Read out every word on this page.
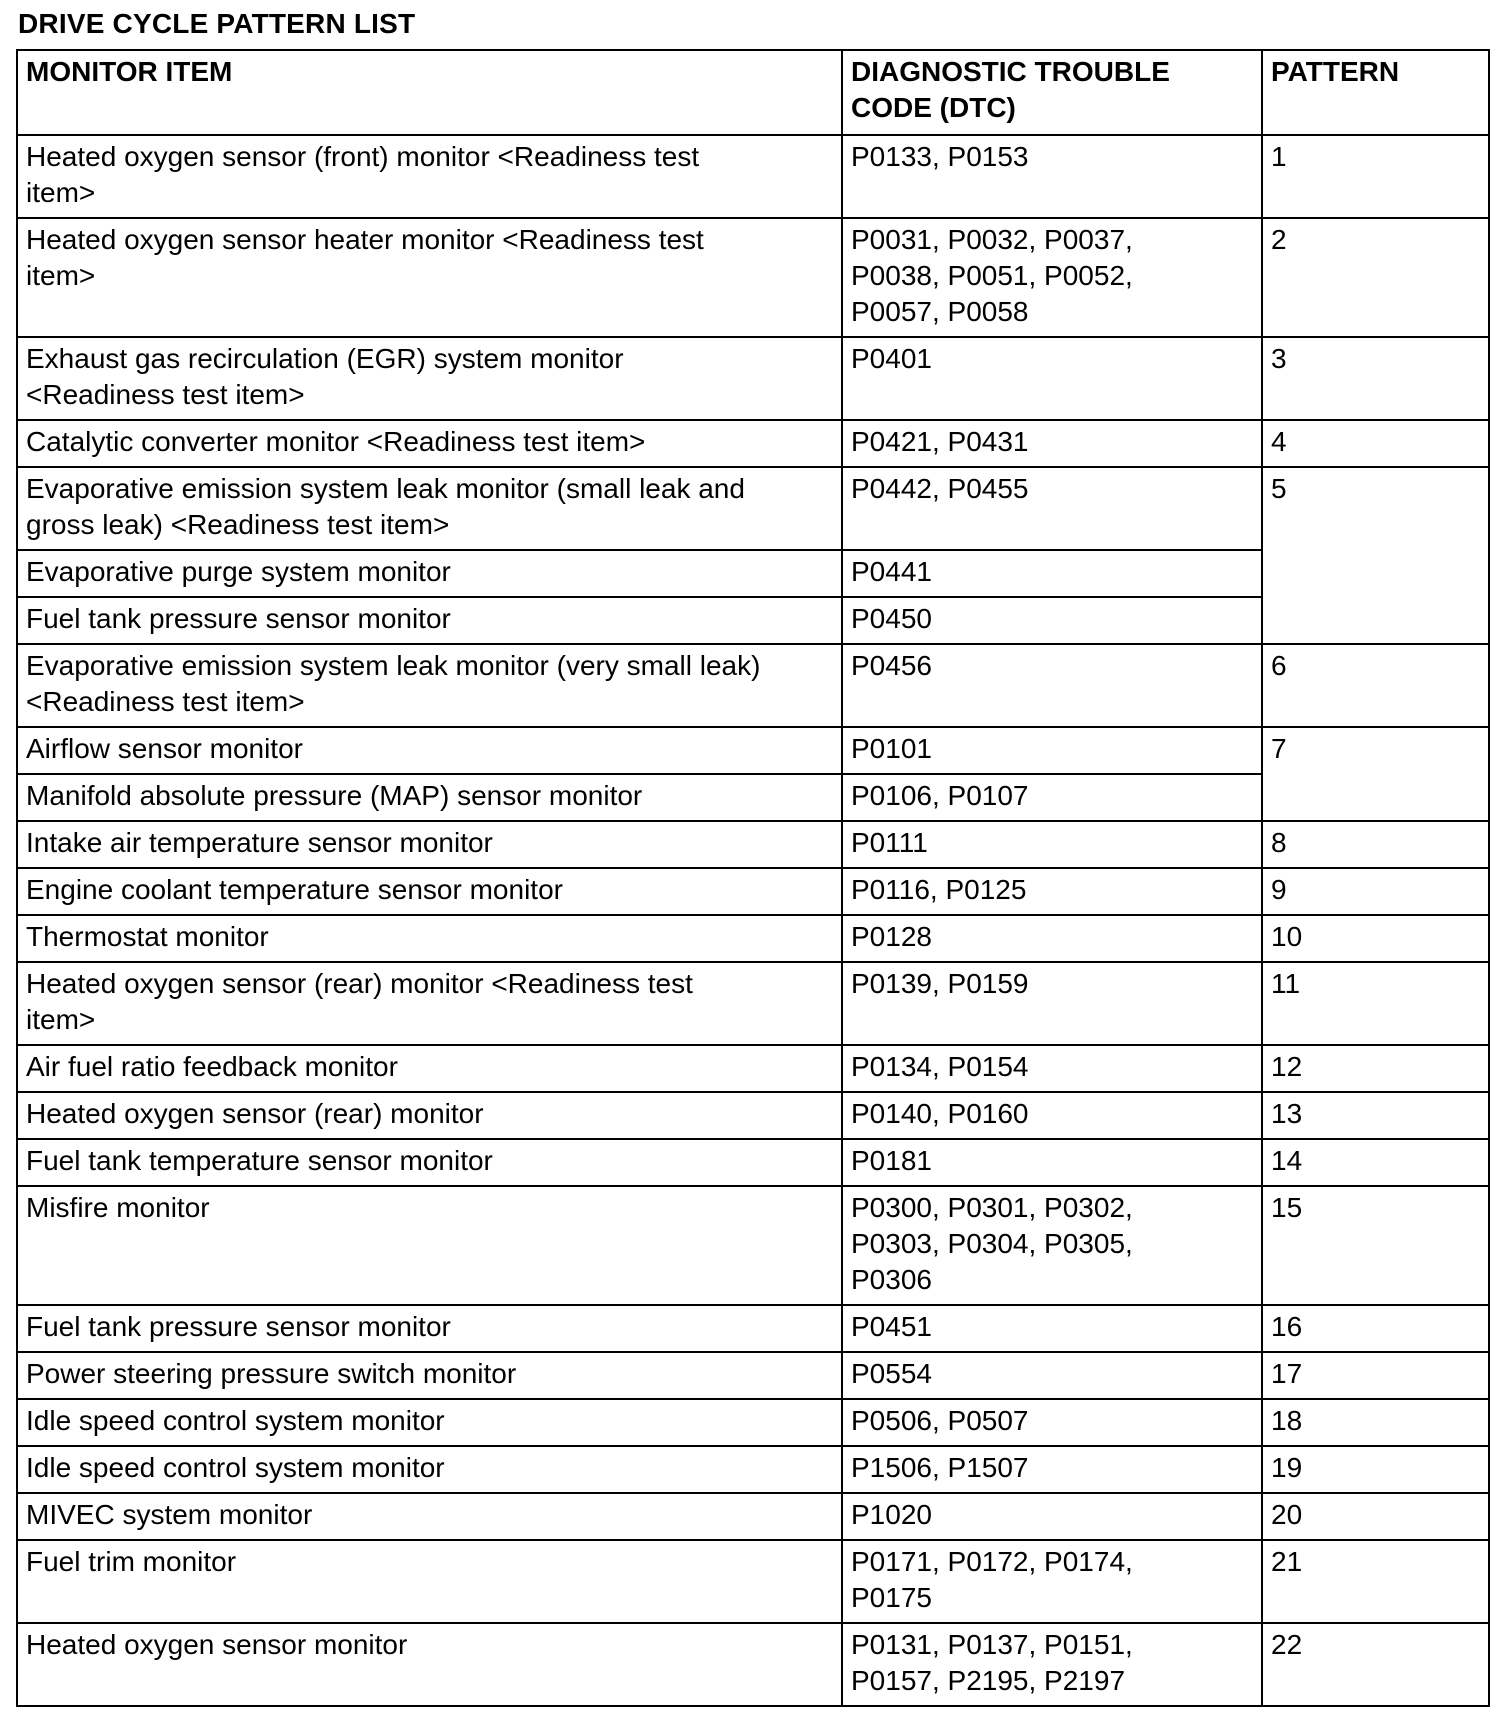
DRIVE CYCLE PATTERN LIST
MONITOR ITEM	DIAGNOSTIC TROUBLE
CODE (DTC)	PATTERN
Heated oxygen sensor (front) monitor <Readiness test
item>	P0133, P0153	1
Heated oxygen sensor heater monitor <Readiness test
item>	P0031, P0032, P0037,
P0038, P0051, P0052,
P0057, P0058	2
Exhaust gas recirculation (EGR) system monitor
<Readiness test item>	P0401	3
Catalytic converter monitor <Readiness test item>	P0421, P0431	4
Evaporative emission system leak monitor (small leak and
gross leak) <Readiness test item>	P0442, P0455	5
Evaporative purge system monitor	P0441	
Fuel tank pressure sensor monitor	P0450	
Evaporative emission system leak monitor (very small leak)
<Readiness test item>	P0456	6
Airflow sensor monitor	P0101	7
Manifold absolute pressure (MAP) sensor monitor	P0106, P0107	
Intake air temperature sensor monitor	P0111	8
Engine coolant temperature sensor monitor	P0116, P0125	9
Thermostat monitor	P0128	10
Heated oxygen sensor (rear) monitor <Readiness test
item>	P0139, P0159	11
Air fuel ratio feedback monitor	P0134, P0154	12
Heated oxygen sensor (rear) monitor	P0140, P0160	13
Fuel tank temperature sensor monitor	P0181	14
Misfire monitor	P0300, P0301, P0302,
P0303, P0304, P0305,
P0306	15
Fuel tank pressure sensor monitor	P0451	16
Power steering pressure switch monitor	P0554	17
Idle speed control system monitor	P0506, P0507	18
Idle speed control system monitor	P1506, P1507	19
MIVEC system monitor	P1020	20
Fuel trim monitor	P0171, P0172, P0174,
P0175	21
Heated oxygen sensor monitor	P0131, P0137, P0151,
P0157, P2195, P2197	22
